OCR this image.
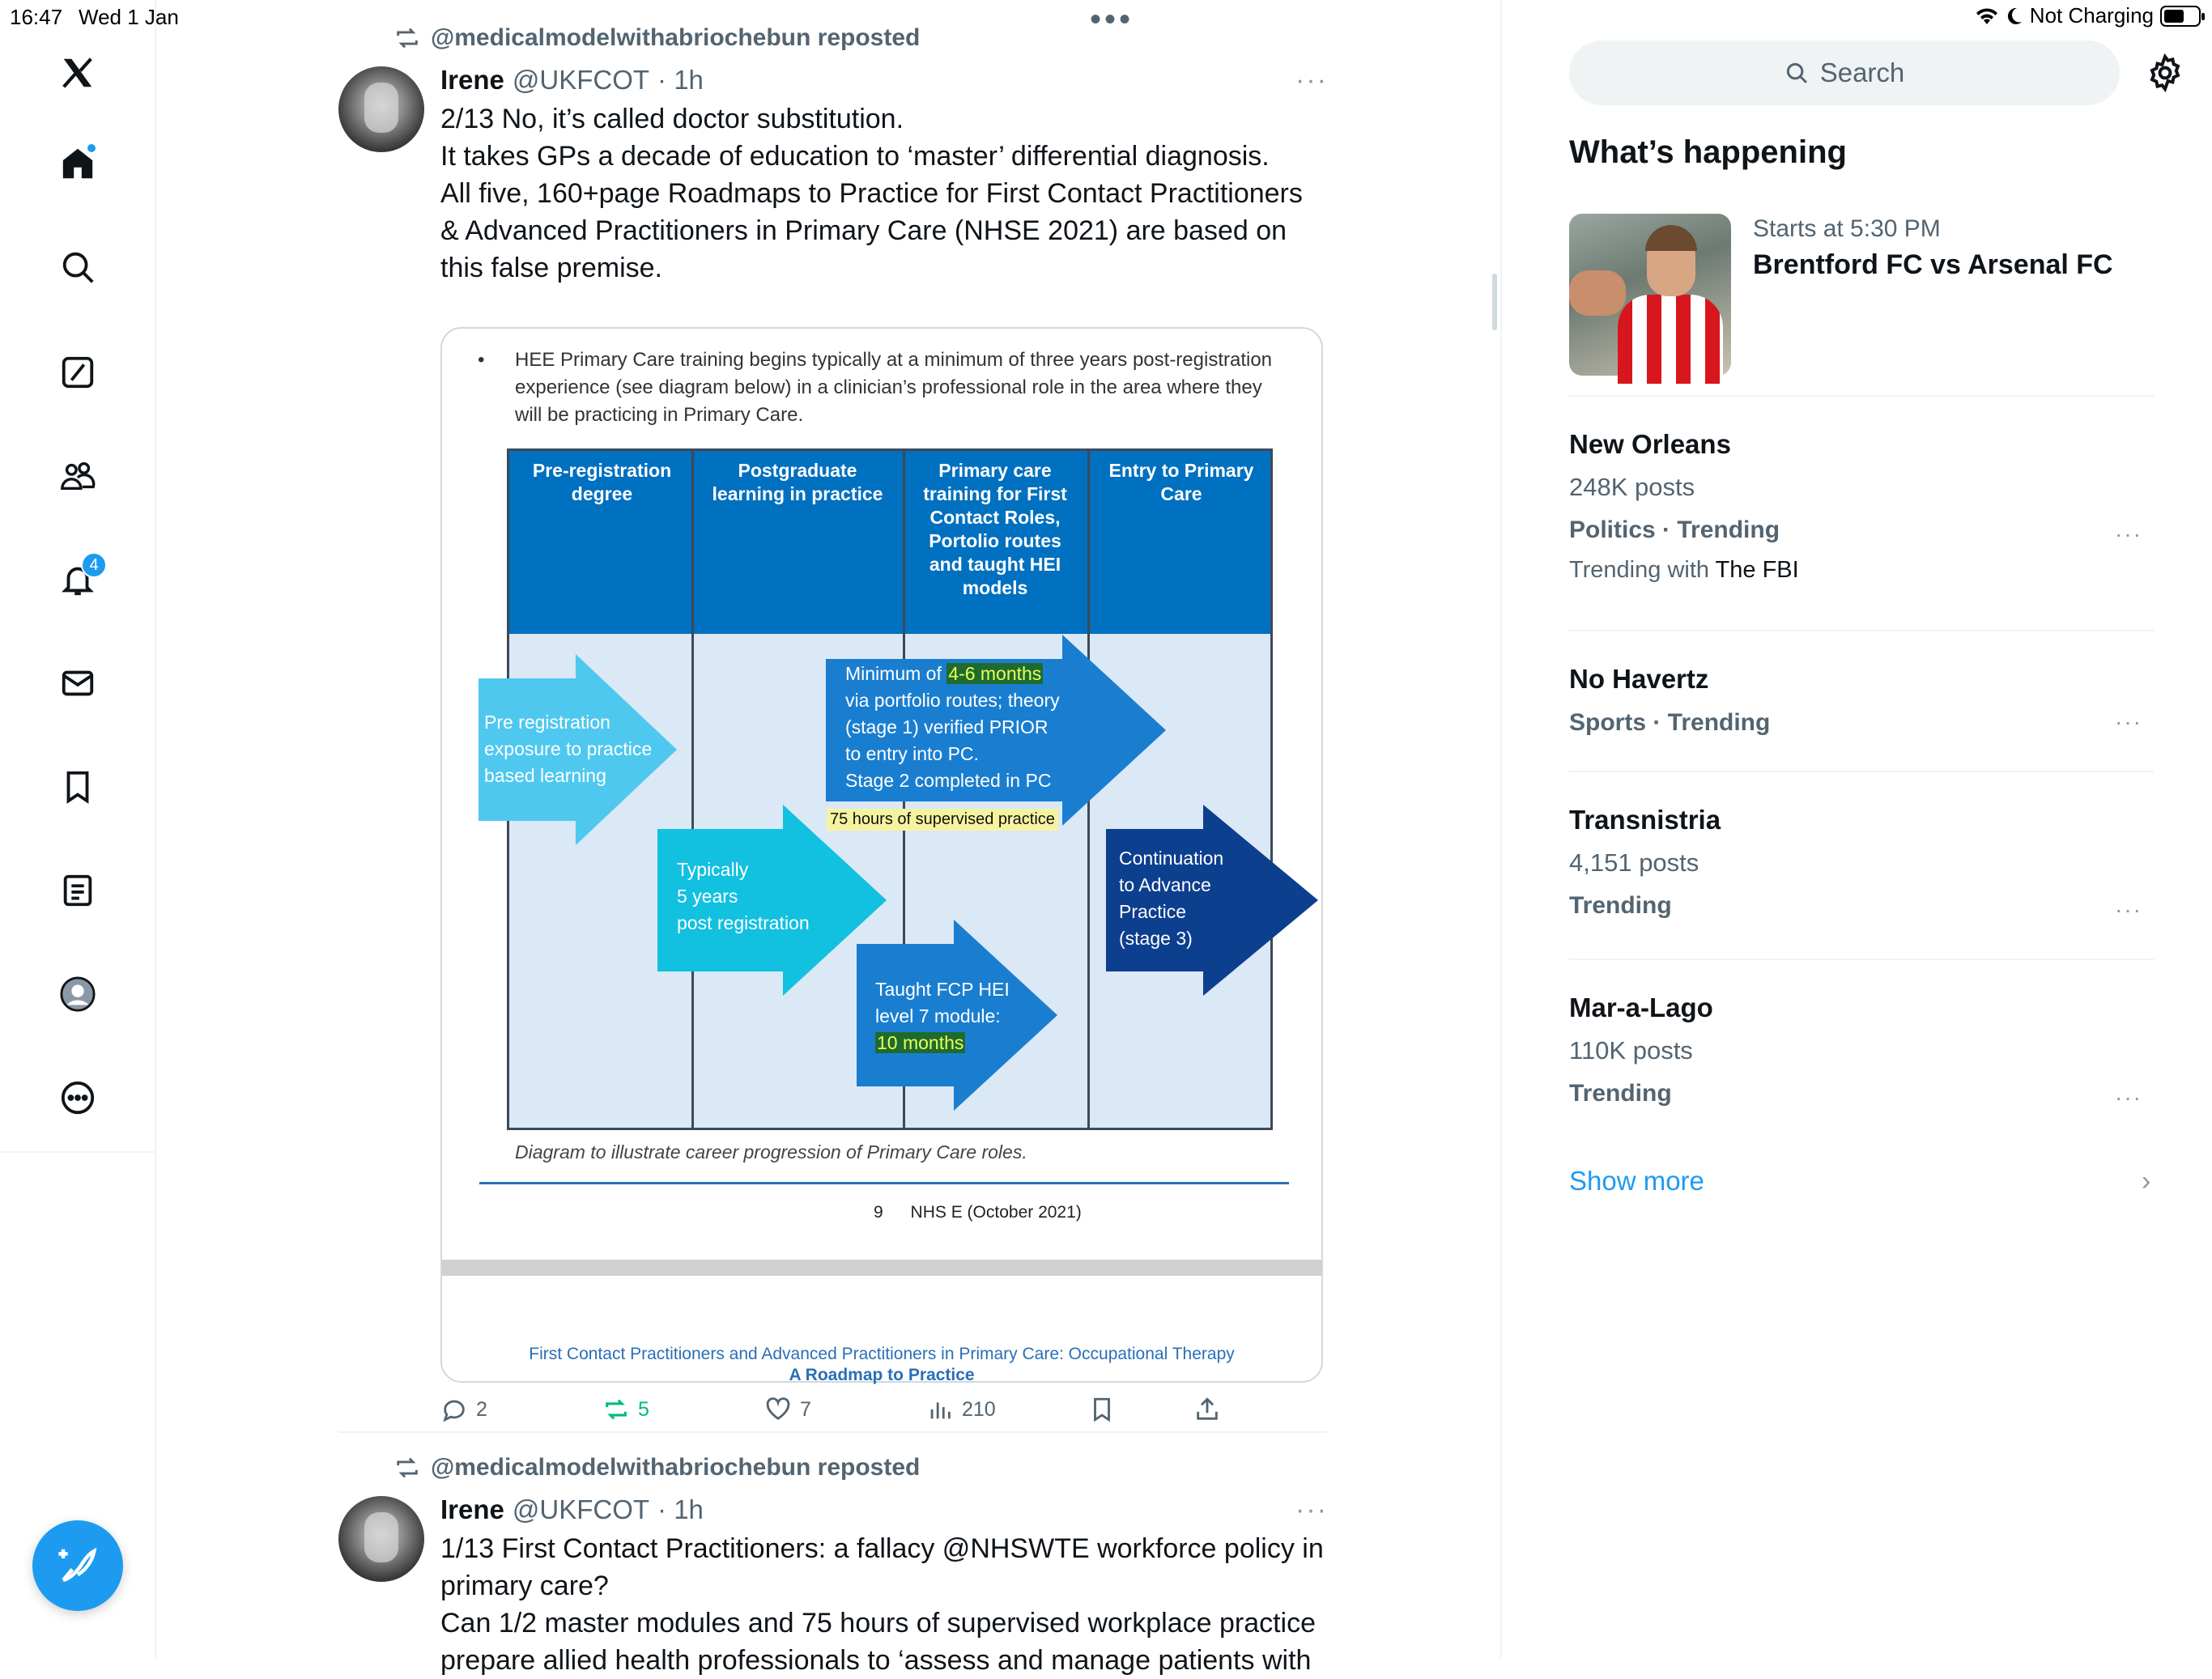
16:47 Wed 1 Jan	Not Charging
4
•••
@medicalmodelwithabriochebun reposted
Irene @UKFCOT · 1h	···

2/13 No, it’s called doctor substitution.

It takes GPs a decade of education to ‘master’ differential diagnosis.

All five, 160+page Roadmaps to Practice for First Contact Practitioners

& Advanced Practitioners in Primary Care (NHSE 2021) are based on

this false premise.

• HEE Primary Care training begins typically at a minimum of three years post-registration experience (see diagram below) in a clinician’s professional role in the area where they will be practicing in Primary Care.
Pre-registration degree
Postgraduate learning in practice
Primary care training for First Contact Roles, Portolio routes and taught HEI models
Entry to Primary Care
Pre registration
exposure to practice
based learning
Typically
5 years
post registration
Minimum of 4-6 months
via portfolio routes; theory
(stage 1) verified PRIOR
to entry into PC.
Stage 2 completed in PC
75 hours of supervised practice
Taught FCP HEI
level 7 module:
10 months
Continuation
to Advance
Practice
(stage 3)
Diagram to illustrate career progression of Primary Care roles.
9 NHS E (October 2021)
First Contact Practitioners and Advanced Practitioners in Primary Care: Occupational Therapy
A Roadmap to Practice
2	5	7	210
@medicalmodelwithabriochebun reposted
Irene @UKFCOT · 1h	···

1/13 First Contact Practitioners: a fallacy @NHSWTE workforce policy in

primary care?

Can 1/2 master modules and 75 hours of supervised workplace practice

prepare allied health professionals to ‘assess and manage patients with

Search
What’s happening
Starts at 5:30 PM
Brentford FC vs Arsenal FC
New Orleans
248K posts
Politics · Trending
Trending with The FBI
···
No Havertz
Sports · Trending	···
Transnistria
4,151 posts
Trending	···
Mar-a-Lago
110K posts
Trending	···
Show more	›
